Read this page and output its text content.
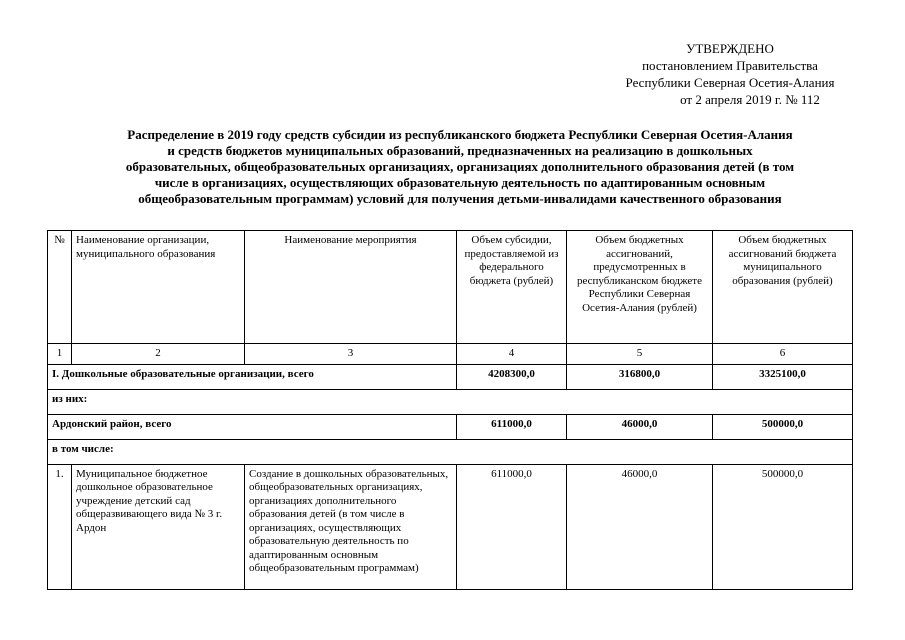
УТВЕРЖДЕНО
постановлением Правительства
Республики Северная Осетия-Алания
от 2 апреля 2019 г. № 112
Распределение в 2019 году средств субсидии из республиканского бюджета Республики Северная Осетия-Алания
и средств бюджетов муниципальных образований, предназначенных на реализацию в дошкольных
образовательных, общеобразовательных организациях, организациях дополнительного образования детей (в том
числе в организациях, осуществляющих образовательную деятельность по адаптированным основным
общеобразовательным программам) условий для получения детьми-инвалидами качественного образования
№	Наименование организации, муниципального образования	Наименование мероприятия	Объем субсидии, предоставляемой из федерального бюджета (рублей)	Объем бюджетных ассигнований, предусмотренных в республиканском бюджете Республики Северная Осетия-Алания (рублей)	Объем бюджетных ассигнований бюджета муниципального образования (рублей)
1	2	3	4	5	6
I. Дошкольные образовательные организации, всего			4208300,0	316800,0	3325100,0
из них:					
Ардонский район, всего			611000,0	46000,0	500000,0
в том числе:					
1.	Муниципальное бюджетное дошкольное образовательное учреждение детский сад общеразвивающего вида № 3 г. Ардон	Создание в дошкольных образовательных, общеобразовательных организациях, организациях дополнительного образования детей (в том числе в организациях, осуществляющих образовательную деятельность по адаптированным основным общеобразовательным программам)	611000,0	46000,0	500000,0
